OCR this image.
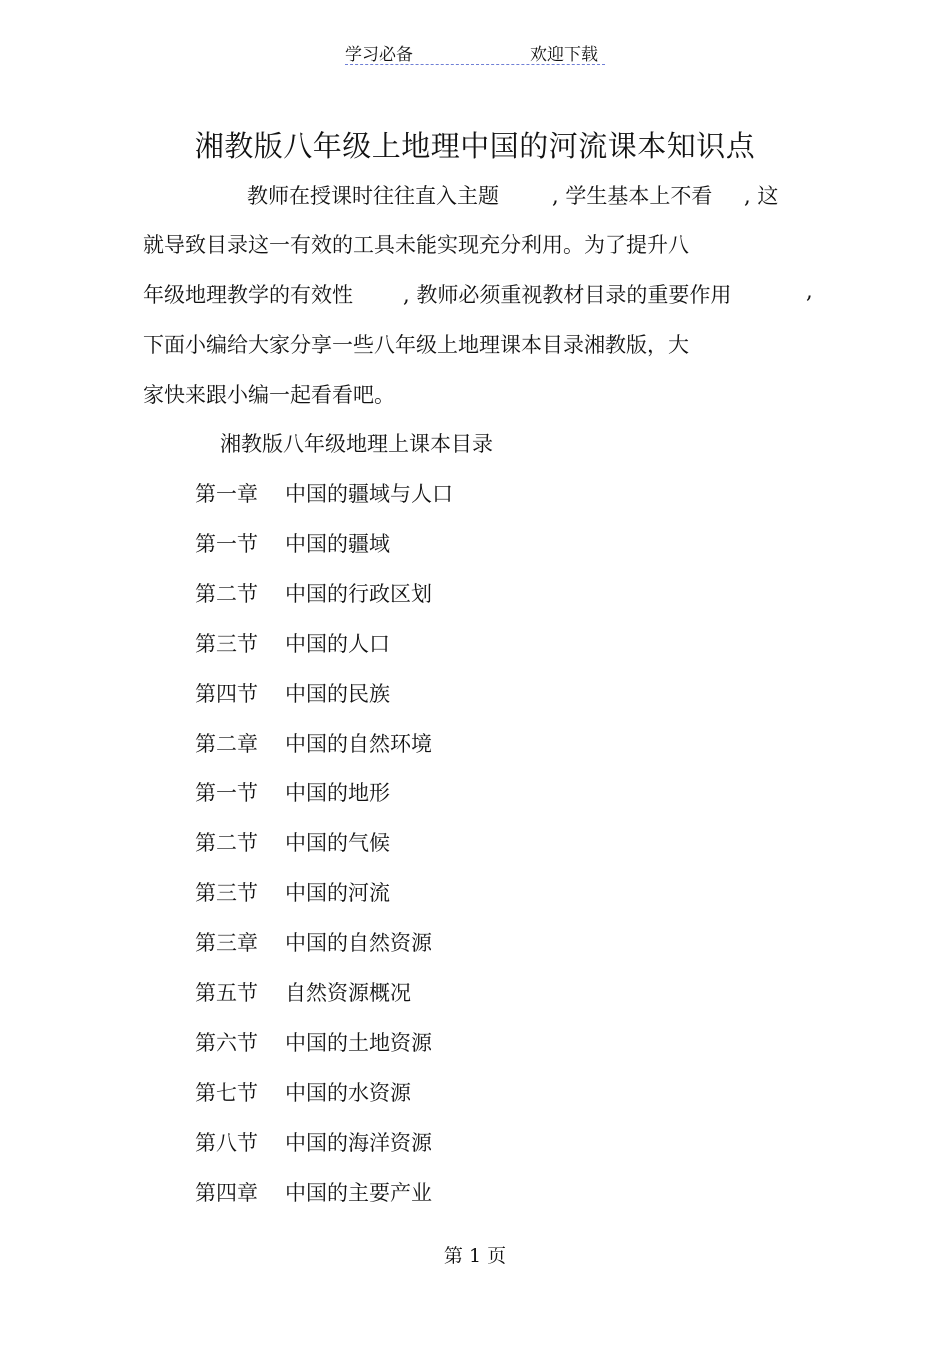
学习必备	欢迎下载
湘教版八年级上地理中国的河流课本知识点
教师在授课时往往直入主题	, 学生基本上不看 , 这
就导致目录这一有效的工具未能实现充分利用。为了提升八
年级地理教学的有效性 , 教师必须重视教材目录的重要作用	,
下面小编给大家分享一些八年级上地理课本目录湘教版，大
家快来跟小编一起看看吧。
湘教版八年级地理上课本目录
第一章 中国的疆域与人口
第一节 中国的疆域
第二节 中国的行政区划
第三节 中国的人口
第四节 中国的民族
第二章 中国的自然环境
第一节 中国的地形
第二节 中国的气候
第三节 中国的河流
第三章 中国的自然资源
第五节 自然资源概况
第六节 中国的土地资源
第七节 中国的水资源
第八节 中国的海洋资源
第四章 中国的主要产业
第 1 页
